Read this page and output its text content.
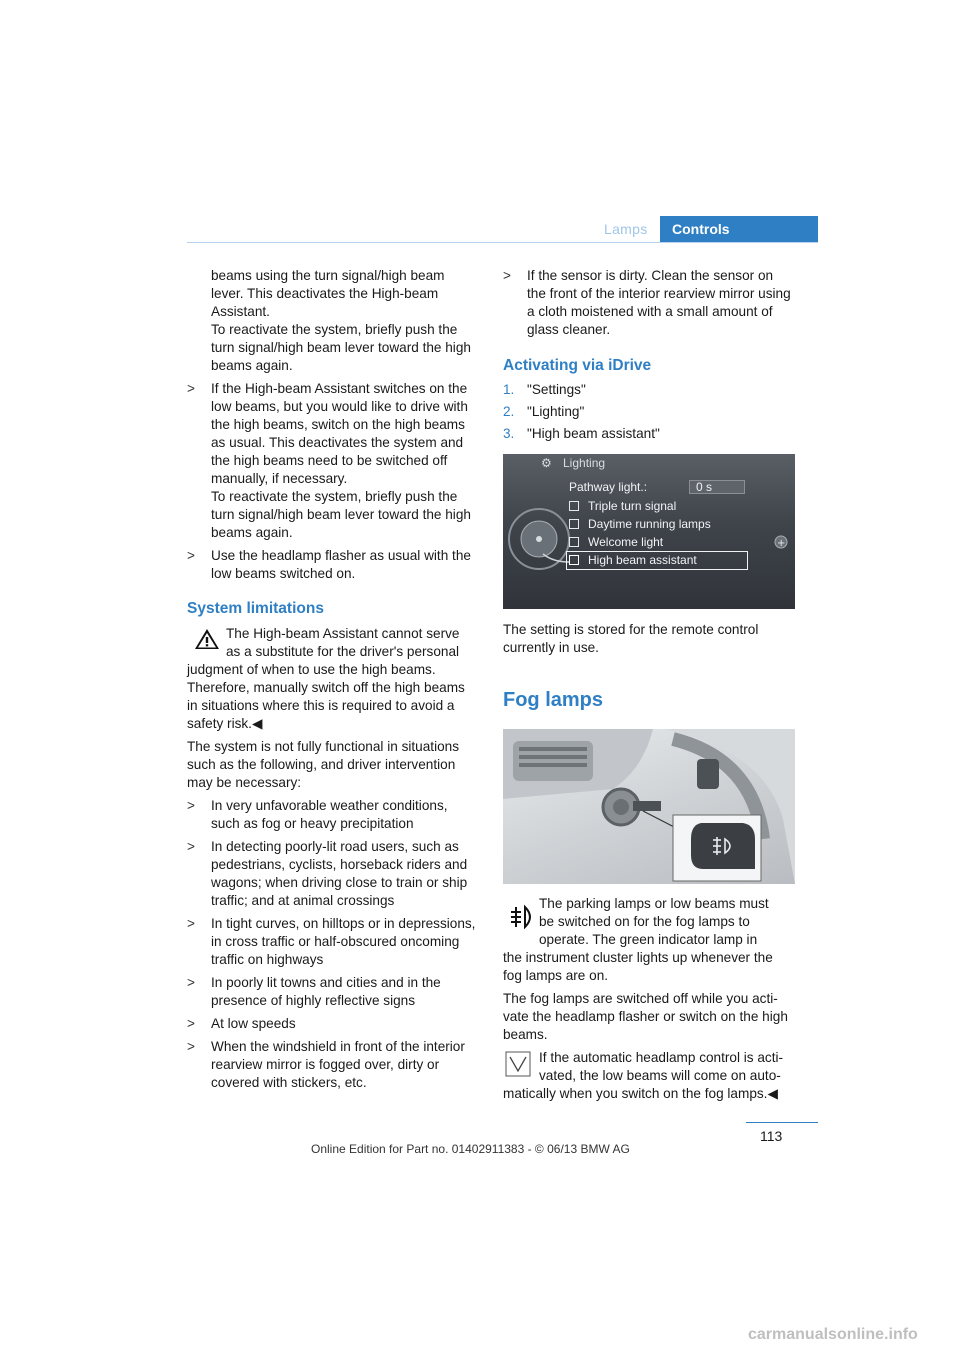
Lamps Controls
beams using the turn signal/high beam
lever. This deactivates the High-beam
Assistant.
To reactivate the system, briefly push the
turn signal/high beam lever toward the high
beams again.
> If the High-beam Assistant switches on the
low beams, but you would like to drive with
the high beams, switch on the high beams
as usual. This deactivates the system and
the high beams need to be switched off
manually, if necessary.
To reactivate the system, briefly push the
turn signal/high beam lever toward the high
beams again.
> Use the headlamp flasher as usual with the
low beams switched on.
System limitations
The High-beam Assistant cannot serve
as a substitute for the driver's personal
judgment of when to use the high beams.
Therefore, manually switch off the high beams
in situations where this is required to avoid a
safety risk.◀
The system is not fully functional in situations
such as the following, and driver intervention
may be necessary:
> In very unfavorable weather conditions,
such as fog or heavy precipitation
> In detecting poorly-lit road users, such as
pedestrians, cyclists, horseback riders and
wagons; when driving close to train or ship
traffic; and at animal crossings
> In tight curves, on hilltops or in depressions,
in cross traffic or half-obscured oncoming
traffic on highways
> In poorly lit towns and cities and in the
presence of highly reflective signs
> At low speeds
> When the windshield in front of the interior
rearview mirror is fogged over, dirty or
covered with stickers, etc.
> If the sensor is dirty. Clean the sensor on
the front of the interior rearview mirror using
a cloth moistened with a small amount of
glass cleaner.
Activating via iDrive
1. "Settings"
2. "Lighting"
3. "High beam assistant"
+
⚙ Lighting
Pathway light.:	0 s
Triple turn signal
Daytime running lamps
Welcome light
High beam assistant
The setting is stored for the remote control
currently in use.
Fog lamps
The parking lamps or low beams must
be switched on for the fog lamps to
operate. The green indicator lamp in
the instrument cluster lights up whenever the
fog lamps are on.
The fog lamps are switched off while you acti-
vate the headlamp flasher or switch on the high
beams.
If the automatic headlamp control is acti-
vated, the low beams will come on auto-
matically when you switch on the fog lamps.◀
113
Online Edition for Part no. 01402911383 - © 06/13 BMW AG
carmanualsonline.info
